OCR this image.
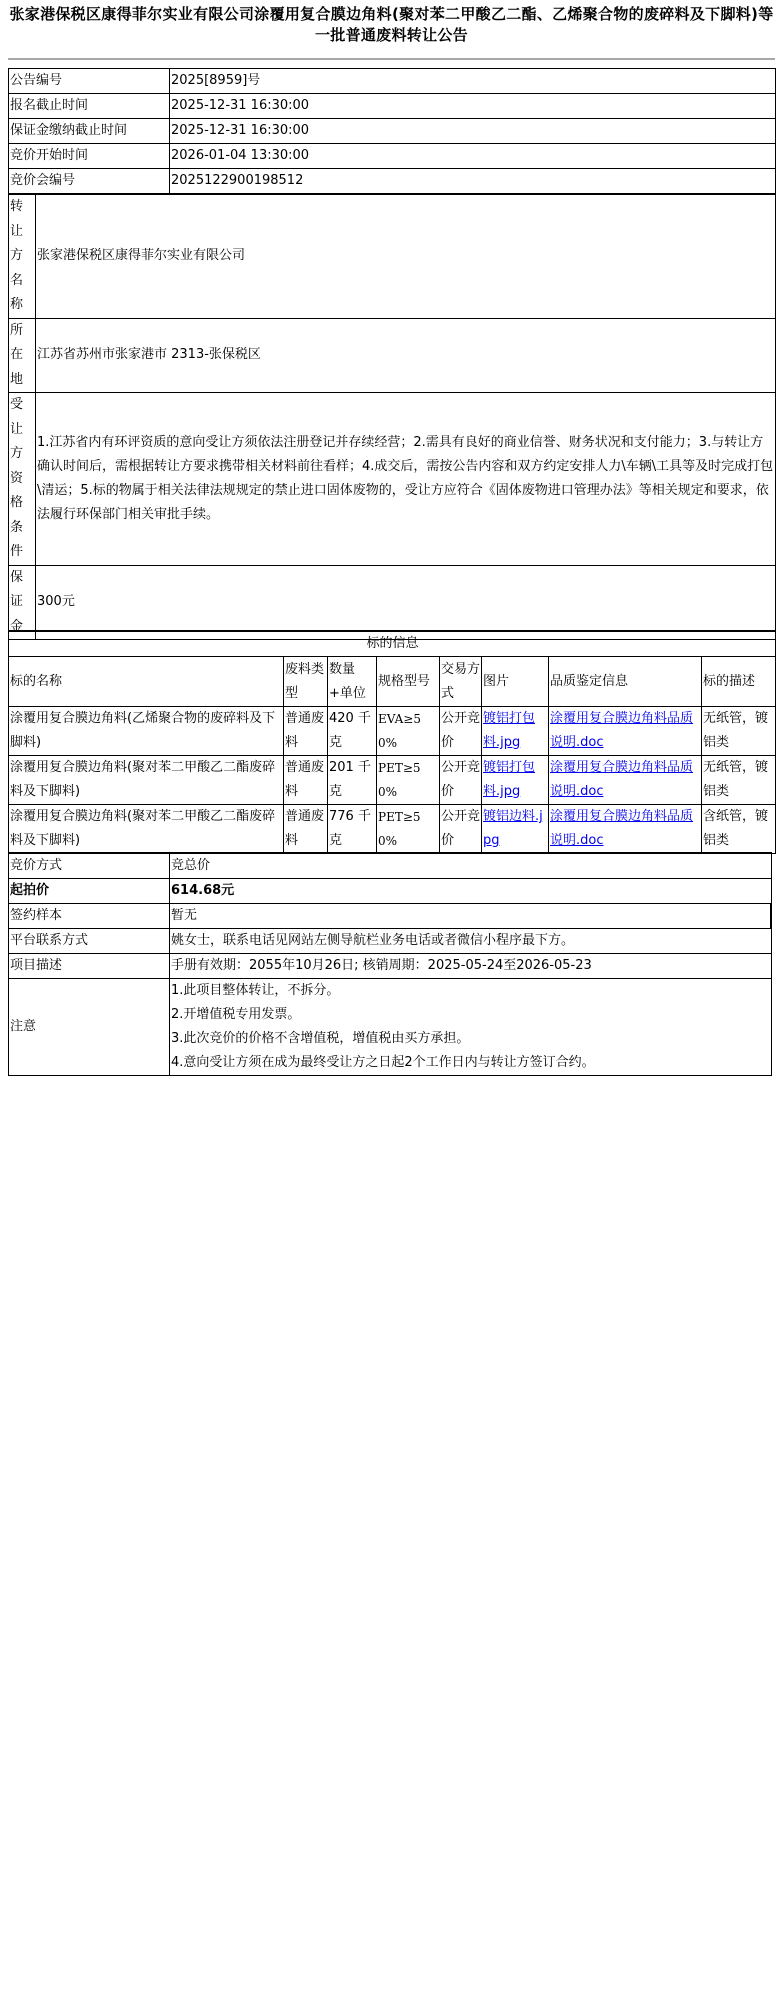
张家港保税区康得菲尔实业有限公司涂覆用复合膜边角料(聚对苯二甲酸乙二酯、乙烯聚合物的废碎料及下脚料)等一批普通废料转让公告
公告编号	2025[8959]号
报名截止时间	2025-12-31 16:30:00
保证金缴纳截止时间	2025-12-31 16:30:00
竞价开始时间	2026-01-04 13:30:00
竞价会编号	2025122900198512
转让方名称	张家港保税区康得菲尔实业有限公司
所在地	江苏省苏州市张家港市 2313-张保税区
受让方资格条件	1.江苏省内有环评资质的意向受让方须依法注册登记并存续经营；2.需具有良好的商业信誉、财务状况和支付能力；3.与转让方确认时间后，需根据转让方要求携带相关材料前往看样；4.成交后，需按公告内容和双方约定安排人力\车辆\工具等及时完成打包\清运；5.标的物属于相关法律法规规定的禁止进口固体废物的，受让方应符合《固体废物进口管理办法》等相关规定和要求，依法履行环保部门相关审批手续。
保证金	300元
标的信息							
标的名称	废料类型	数量+单位	规格型号	交易方式	图片	品质鉴定信息	标的描述
涂覆用复合膜边角料(乙烯聚合物的废碎料及下脚料)	普通废料	420 千克	EVA≥50%	公开竞价	镀铝打包料.jpg	涂覆用复合膜边角料品质说明.doc	无纸管，镀铝类
涂覆用复合膜边角料(聚对苯二甲酸乙二酯废碎料及下脚料)	普通废料	201 千克	PET≥50%	公开竞价	镀铝打包料.jpg	涂覆用复合膜边角料品质说明.doc	无纸管，镀铝类
涂覆用复合膜边角料(聚对苯二甲酸乙二酯废碎料及下脚料)	普通废料	776 千克	PET≥50%	公开竞价	镀铝边料.jpg	涂覆用复合膜边角料品质说明.doc	含纸管，镀铝类
竞价方式	竞总价
起拍价	614.68元
签约样本	暂无
平台联系方式	姚女士，联系电话见网站左侧导航栏业务电话或者微信小程序最下方。
项目描述	手册有效期：2055年10月26日; 核销周期：2025-05-24至2026-05-23
注意	1.此项目整体转让，不拆分。
2.开增值税专用发票。
3.此次竞价的价格不含增值税，增值税由买方承担。
4.意向受让方须在成为最终受让方之日起2个工作日内与转让方签订合约。
